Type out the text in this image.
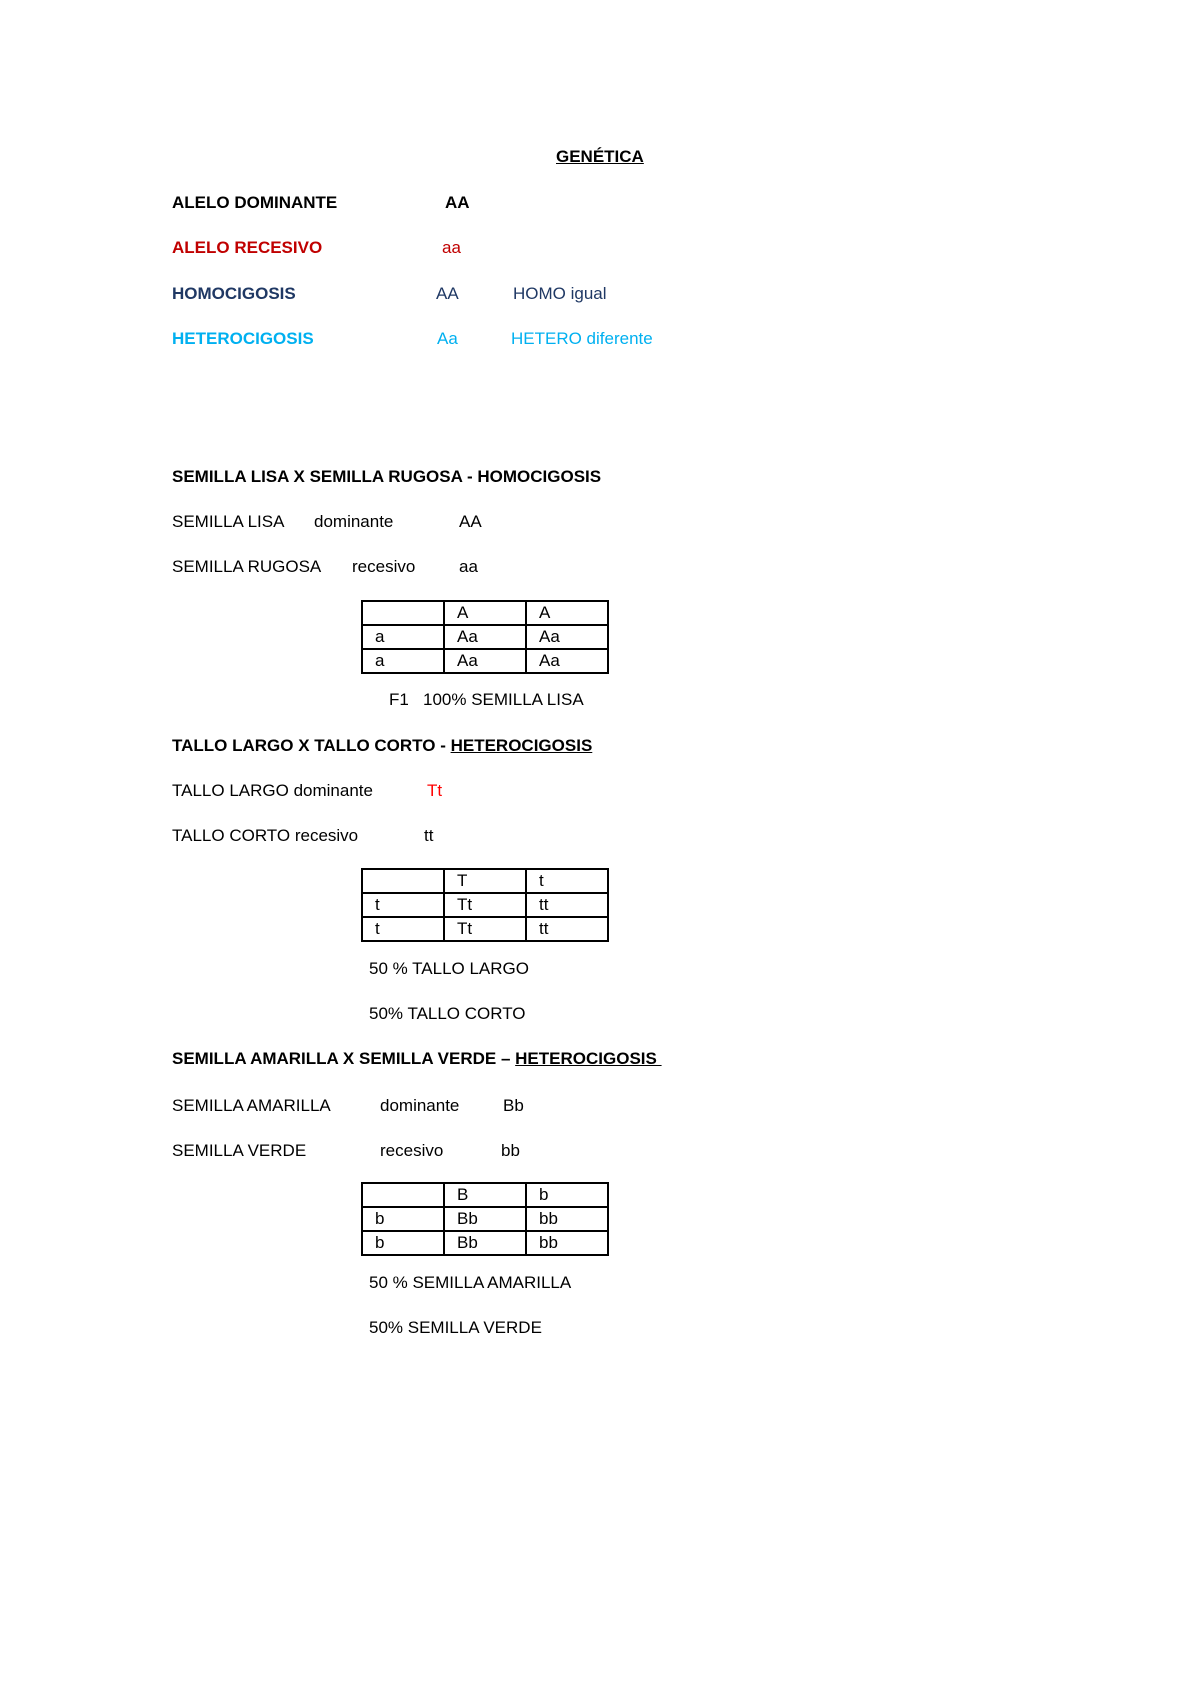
GENÉTICA
ALELO DOMINANTE	AA
ALELO RECESIVO	aa
HOMOCIGOSIS	AA	HOMO igual
HETEROCIGOSIS	Aa	HETERO diferente
SEMILLA LISA X SEMILLA RUGOSA - HOMOCIGOSIS
SEMILLA LISA dominante	AA
SEMILLA RUGOSA recesivo	aa
	A	A
a	Aa	Aa
a	Aa	Aa
F1   100% SEMILLA LISA
TALLO LARGO X TALLO CORTO - HETEROCIGOSIS
TALLO LARGO dominante	Tt
TALLO CORTO recesivo	tt
	T	t
t	Tt	tt
t	Tt	tt
50 % TALLO LARGO
50% TALLO CORTO
SEMILLA AMARILLA X SEMILLA VERDE – HETEROCIGOSIS
SEMILLA AMARILLA	dominante	Bb
SEMILLA VERDE	recesivo	bb
	B	b
b	Bb	bb
b	Bb	bb
50 % SEMILLA AMARILLA
50% SEMILLA VERDE
